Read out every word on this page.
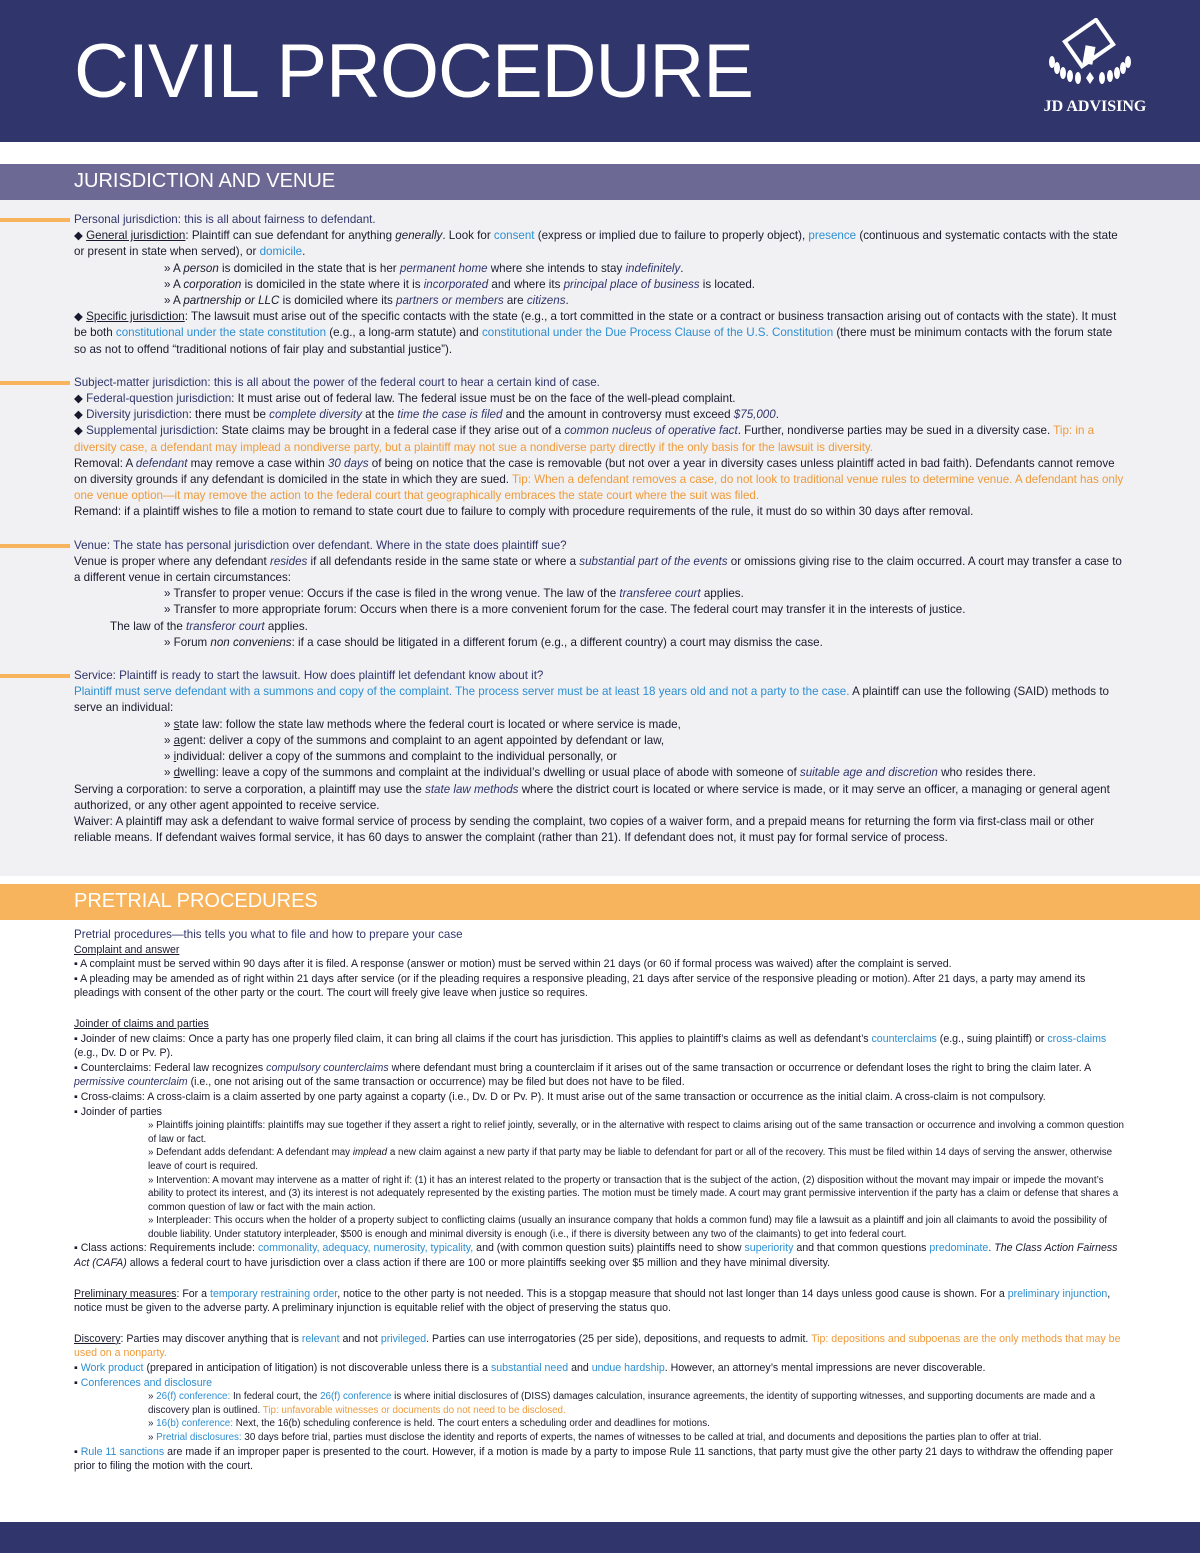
CIVIL PROCEDURE	JD ADVISING
JURISDICTION AND VENUE

Personal jurisdiction: this is all about fairness to defendant.

◆ General jurisdiction: Plaintiff can sue defendant for anything generally. Look for consent (express or implied due to failure to properly object), presence (continuous and systematic contacts with the state or present in state when served), or domicile.

» A person is domiciled in the state that is her permanent home where she intends to stay indefinitely.

» A corporation is domiciled in the state where it is incorporated and where its principal place of business is located.

» A partnership or LLC is domiciled where its partners or members are citizens.

◆ Specific jurisdiction: The lawsuit must arise out of the specific contacts with the state (e.g., a tort committed in the state or a contract or business transaction arising out of contacts with the state). It must be both constitutional under the state constitution (e.g., a long-arm statute) and constitutional under the Due Process Clause of the U.S. Constitution (there must be minimum contacts with the forum state so as not to offend “traditional notions of fair play and substantial justice”).

Subject-matter jurisdiction: this is all about the power of the federal court to hear a certain kind of case.

◆ Federal-question jurisdiction: It must arise out of federal law. The federal issue must be on the face of the well-plead complaint.

◆ Diversity jurisdiction: there must be complete diversity at the time the case is filed and the amount in controversy must exceed $75,000.

◆ Supplemental jurisdiction: State claims may be brought in a federal case if they arise out of a common nucleus of operative fact. Further, nondiverse parties may be sued in a diversity case. Tip: in a diversity case, a defendant may implead a nondiverse party, but a plaintiff may not sue a nondiverse party directly if the only basis for the lawsuit is diversity.

Removal: A defendant may remove a case within 30 days of being on notice that the case is removable (but not over a year in diversity cases unless plaintiff acted in bad faith). Defendants cannot remove on diversity grounds if any defendant is domiciled in the state in which they are sued. Tip: When a defendant removes a case, do not look to traditional venue rules to determine venue. A defendant has only one venue option—it may remove the action to the federal court that geographically embraces the state court where the suit was filed.

Remand: if a plaintiff wishes to file a motion to remand to state court due to failure to comply with procedure requirements of the rule, it must do so within 30 days after removal.

Venue: The state has personal jurisdiction over defendant. Where in the state does plaintiff sue?

Venue is proper where any defendant resides if all defendants reside in the same state or where a substantial part of the events or omissions giving rise to the claim occurred. A court may transfer a case to a different venue in certain circumstances:

» Transfer to proper venue: Occurs if the case is filed in the wrong venue. The law of the transferee court applies.

» Transfer to more appropriate forum: Occurs when there is a more convenient forum for the case. The federal court may transfer it in the interests of justice.

The law of the transferor court applies.

» Forum non conveniens: if a case should be litigated in a different forum (e.g., a different country) a court may dismiss the case.

Service: Plaintiff is ready to start the lawsuit. How does plaintiff let defendant know about it?

Plaintiff must serve defendant with a summons and copy of the complaint. The process server must be at least 18 years old and not a party to the case. A plaintiff can use the following (SAID) methods to serve an individual:

» state law: follow the state law methods where the federal court is located or where service is made,

» agent: deliver a copy of the summons and complaint to an agent appointed by defendant or law,

» individual: deliver a copy of the summons and complaint to the individual personally, or

» dwelling: leave a copy of the summons and complaint at the individual’s dwelling or usual place of abode with someone of suitable age and discretion who resides there.

Serving a corporation: to serve a corporation, a plaintiff may use the state law methods where the district court is located or where service is made, or it may serve an officer, a managing or general agent authorized, or any other agent appointed to receive service.

Waiver: A plaintiff may ask a defendant to waive formal service of process by sending the complaint, two copies of a waiver form, and a prepaid means for returning the form via first-class mail or other reliable means. If defendant waives formal service, it has 60 days to answer the complaint (rather than 21). If defendant does not, it must pay for formal service of process.

PRETRIAL PROCEDURES

Pretrial procedures—this tells you what to file and how to prepare your case

Complaint and answer

▪ A complaint must be served within 90 days after it is filed. A response (answer or motion) must be served within 21 days (or 60 if formal process was waived) after the complaint is served.

▪ A pleading may be amended as of right within 21 days after service (or if the pleading requires a responsive pleading, 21 days after service of the responsive pleading or motion). After 21 days, a party may amend its pleadings with consent of the other party or the court. The court will freely give leave when justice so requires.

Joinder of claims and parties

▪ Joinder of new claims: Once a party has one properly filed claim, it can bring all claims if the court has jurisdiction. This applies to plaintiff’s claims as well as defendant’s counterclaims (e.g., suing plaintiff) or cross-claims (e.g., Dv. D or Pv. P).

▪ Counterclaims: Federal law recognizes compulsory counterclaims where defendant must bring a counterclaim if it arises out of the same transaction or occurrence or defendant loses the right to bring the claim later. A permissive counterclaim (i.e., one not arising out of the same transaction or occurrence) may be filed but does not have to be filed.

▪ Cross-claims: A cross-claim is a claim asserted by one party against a coparty (i.e., Dv. D or Pv. P). It must arise out of the same transaction or occurrence as the initial claim. A cross-claim is not compulsory.

▪ Joinder of parties

» Plaintiffs joining plaintiffs: plaintiffs may sue together if they assert a right to relief jointly, severally, or in the alternative with respect to claims arising out of the same transaction or occurrence and involving a common question of law or fact.

» Defendant adds defendant: A defendant may implead a new claim against a new party if that party may be liable to defendant for part or all of the recovery. This must be filed within 14 days of serving the answer, otherwise leave of court is required.

» Intervention: A movant may intervene as a matter of right if: (1) it has an interest related to the property or transaction that is the subject of the action, (2) disposition without the movant may impair or impede the movant’s ability to protect its interest, and (3) its interest is not adequately represented by the existing parties. The motion must be timely made. A court may grant permissive intervention if the party has a claim or defense that shares a common question of law or fact with the main action.

» Interpleader: This occurs when the holder of a property subject to conflicting claims (usually an insurance company that holds a common fund) may file a lawsuit as a plaintiff and join all claimants to avoid the possibility of double liability. Under statutory interpleader, $500 is enough and minimal diversity is enough (i.e., if there is diversity between any two of the claimants) to get into federal court.

▪ Class actions: Requirements include: commonality, adequacy, numerosity, typicality, and (with common question suits) plaintiffs need to show superiority and that common questions predominate. The Class Action Fairness Act (CAFA) allows a federal court to have jurisdiction over a class action if there are 100 or more plaintiffs seeking over $5 million and they have minimal diversity.

Preliminary measures: For a temporary restraining order, notice to the other party is not needed. This is a stopgap measure that should not last longer than 14 days unless good cause is shown. For a preliminary injunction, notice must be given to the adverse party. A preliminary injunction is equitable relief with the object of preserving the status quo.

Discovery: Parties may discover anything that is relevant and not privileged. Parties can use interrogatories (25 per side), depositions, and requests to admit. Tip: depositions and subpoenas are the only methods that may be used on a nonparty.

▪ Work product (prepared in anticipation of litigation) is not discoverable unless there is a substantial need and undue hardship. However, an attorney’s mental impressions are never discoverable.

▪ Conferences and disclosure

» 26(f) conference: In federal court, the 26(f) conference is where initial disclosures of (DISS) damages calculation, insurance agreements, the identity of supporting witnesses, and supporting documents are made and a discovery plan is outlined. Tip: unfavorable witnesses or documents do not need to be disclosed.

» 16(b) conference: Next, the 16(b) scheduling conference is held. The court enters a scheduling order and deadlines for motions.

» Pretrial disclosures: 30 days before trial, parties must disclose the identity and reports of experts, the names of witnesses to be called at trial, and documents and depositions the parties plan to offer at trial.

▪ Rule 11 sanctions are made if an improper paper is presented to the court. However, if a motion is made by a party to impose Rule 11 sanctions, that party must give the other party 21 days to withdraw the offending paper prior to filing the motion with the court.
